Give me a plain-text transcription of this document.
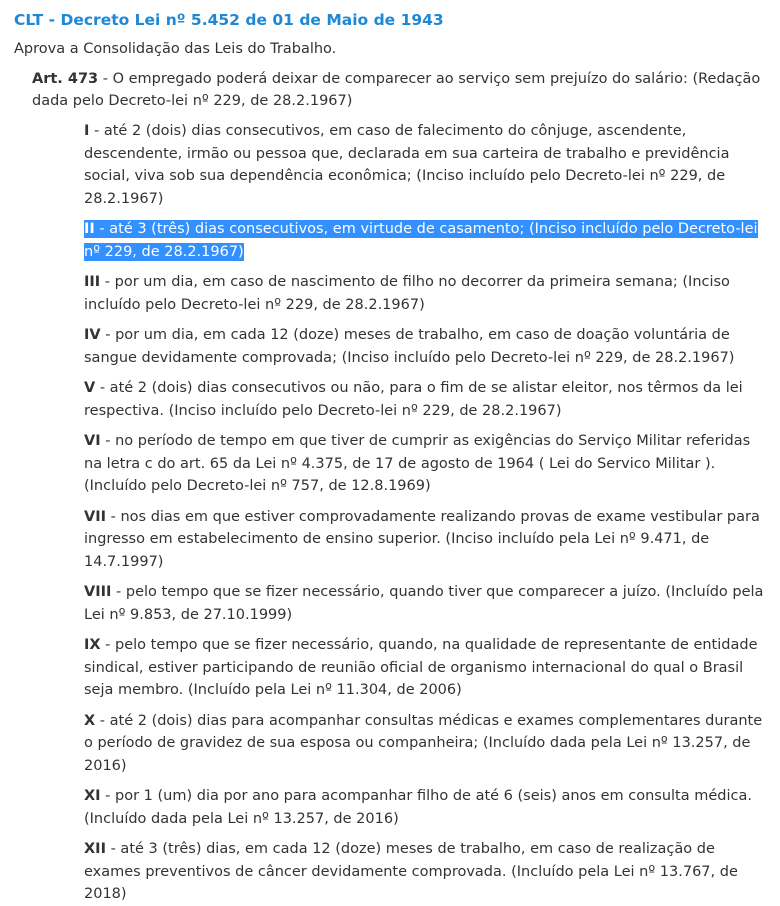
CLT - Decreto Lei nº 5.452 de 01 de Maio de 1943
Aprova a Consolidação das Leis do Trabalho.
Art. 473 - O empregado poderá deixar de comparecer ao serviço sem prejuízo do salário: (Redação dada pelo Decreto-lei nº 229, de 28.2.1967)
I - até 2 (dois) dias consecutivos, em caso de falecimento do cônjuge, ascendente, descendente, irmão ou pessoa que, declarada em sua carteira de trabalho e previdência social, viva sob sua dependência econômica; (Inciso incluído pelo Decreto-lei nº 229, de 28.2.1967)
II - até 3 (três) dias consecutivos, em virtude de casamento; (Inciso incluído pelo Decreto-lei nº 229, de 28.2.1967)
III - por um dia, em caso de nascimento de filho no decorrer da primeira semana; (Inciso incluído pelo Decreto-lei nº 229, de 28.2.1967)
IV - por um dia, em cada 12 (doze) meses de trabalho, em caso de doação voluntária de sangue devidamente comprovada; (Inciso incluído pelo Decreto-lei nº 229, de 28.2.1967)
V - até 2 (dois) dias consecutivos ou não, para o fim de se alistar eleitor, nos têrmos da lei respectiva. (Inciso incluído pelo Decreto-lei nº 229, de 28.2.1967)
VI - no período de tempo em que tiver de cumprir as exigências do Serviço Militar referidas na letra c do art. 65 da Lei nº 4.375, de 17 de agosto de 1964 ( Lei do Servico Militar ). (Incluído pelo Decreto-lei nº 757, de 12.8.1969)
VII - nos dias em que estiver comprovadamente realizando provas de exame vestibular para ingresso em estabelecimento de ensino superior. (Inciso incluído pela Lei nº 9.471, de 14.7.1997)
VIII - pelo tempo que se fizer necessário, quando tiver que comparecer a juízo. (Incluído pela Lei nº 9.853, de 27.10.1999)
IX - pelo tempo que se fizer necessário, quando, na qualidade de representante de entidade sindical, estiver participando de reunião oficial de organismo internacional do qual o Brasil seja membro. (Incluído pela Lei nº 11.304, de 2006)
X - até 2 (dois) dias para acompanhar consultas médicas e exames complementares durante o período de gravidez de sua esposa ou companheira; (Incluído dada pela Lei nº 13.257, de 2016)
XI - por 1 (um) dia por ano para acompanhar filho de até 6 (seis) anos em consulta médica. (Incluído dada pela Lei nº 13.257, de 2016)
XII - até 3 (três) dias, em cada 12 (doze) meses de trabalho, em caso de realização de exames preventivos de câncer devidamente comprovada. (Incluído pela Lei nº 13.767, de 2018)
